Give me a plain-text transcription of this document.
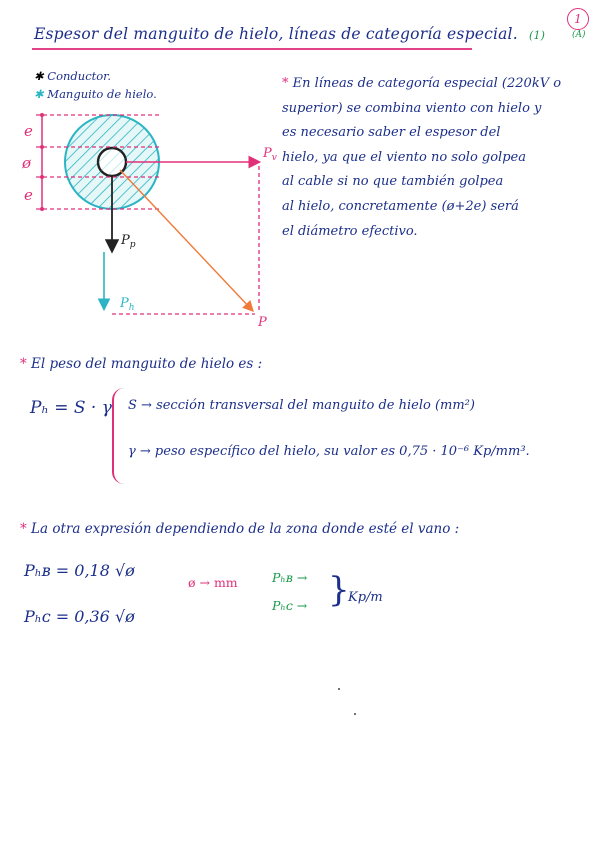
Espesor del manguito de hielo, líneas de categoría especial. (1)
1
(A)
✱ Conductor.
✱ Manguito de hielo.
e
ø
e
$P_v$
P
$P_p$
$P_h$
* En líneas de categoría especial (220kV o
superior) se combina viento con hielo y
es necesario saber el espesor del
hielo, ya que el viento no solo golpea
al cable si no que también golpea
al hielo, concretamente (ø+2e) será
el diámetro efectivo.
* El peso del manguito de hielo es :
Pₕ = S · γ S → sección transversal del manguito de hielo (mm²)
γ → peso específico del hielo, su valor es 0,75 · 10⁻⁶ Kp/mm³.
* La otra expresión dependiendo de la zona donde esté el vano :
Pₕʙ = 0,18 √ø
Pₕᴄ = 0,36 √ø
ø → mm	Pₕʙ →
Pₕᴄ → }
Kp/m
